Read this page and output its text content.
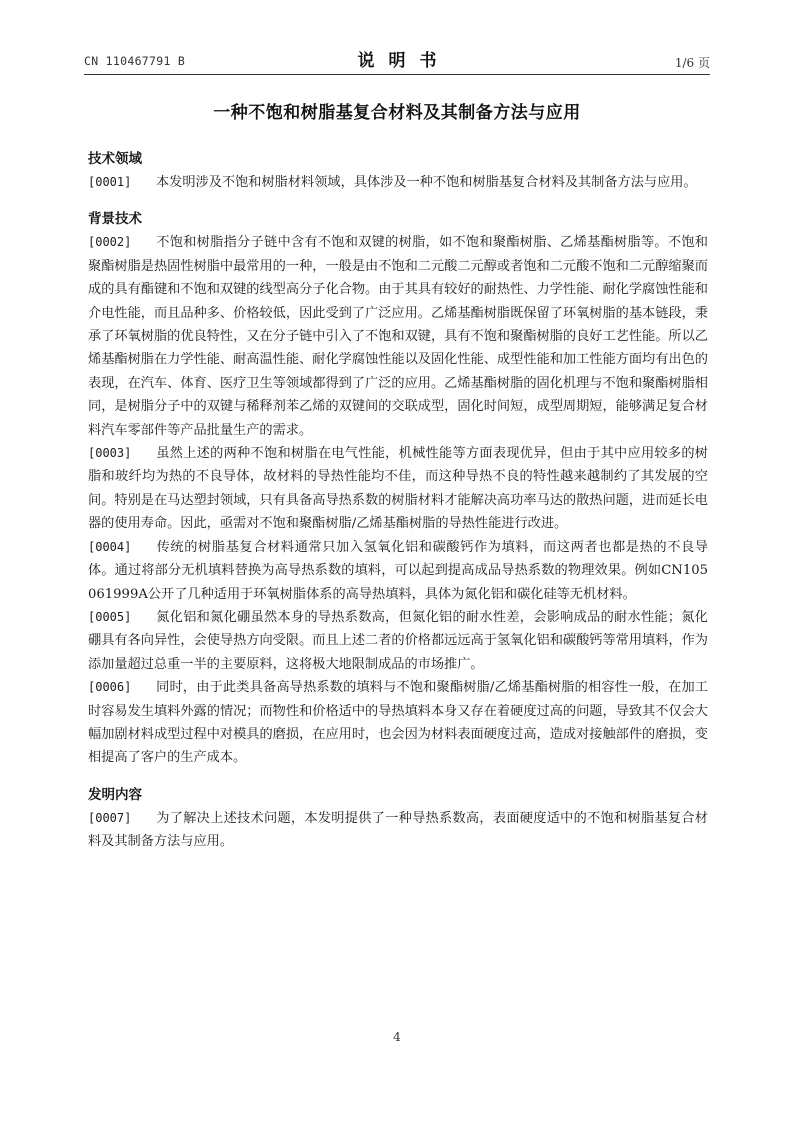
CN 110467791 B	说明书	1/6 页
一种不饱和树脂基复合材料及其制备方法与应用
技术领域
[0001] 本发明涉及不饱和树脂材料领域，具体涉及一种不饱和树脂基复合材料及其制备方法与应用。
背景技术
[0002] 不饱和树脂指分子链中含有不饱和双键的树脂，如不饱和聚酯树脂、乙烯基酯树脂等。不饱和聚酯树脂是热固性树脂中最常用的一种，一般是由不饱和二元酸二元醇或者饱和二元酸不饱和二元醇缩聚而成的具有酯键和不饱和双键的线型高分子化合物。由于其具有较好的耐热性、力学性能、耐化学腐蚀性能和介电性能，而且品种多、价格较低，因此受到了广泛应用。乙烯基酯树脂既保留了环氧树脂的基本链段，秉承了环氧树脂的优良特性，又在分子链中引入了不饱和双键，具有不饱和聚酯树脂的良好工艺性能。所以乙烯基酯树脂在力学性能、耐高温性能、耐化学腐蚀性能以及固化性能、成型性能和加工性能方面均有出色的表现，在汽车、体育、医疗卫生等领域都得到了广泛的应用。乙烯基酯树脂的固化机理与不饱和聚酯树脂相同，是树脂分子中的双键与稀释剂苯乙烯的双键间的交联成型，固化时间短，成型周期短，能够满足复合材料汽车零部件等产品批量生产的需求。
[0003] 虽然上述的两种不饱和树脂在电气性能，机械性能等方面表现优异，但由于其中应用较多的树脂和玻纤均为热的不良导体，故材料的导热性能均不佳，而这种导热不良的特性越来越制约了其发展的空间。特别是在马达塑封领域，只有具备高导热系数的树脂材料才能解决高功率马达的散热问题，进而延长电器的使用寿命。因此，亟需对不饱和聚酯树脂/乙烯基酯树脂的导热性能进行改进。
[0004] 传统的树脂基复合材料通常只加入氢氧化铝和碳酸钙作为填料，而这两者也都是热的不良导体。通过将部分无机填料替换为高导热系数的填料，可以起到提高成品导热系数的物理效果。例如CN105061999A公开了几种适用于环氧树脂体系的高导热填料，具体为氮化铝和碳化硅等无机材料。
[0005] 氮化铝和氮化硼虽然本身的导热系数高，但氮化铝的耐水性差，会影响成品的耐水性能；氮化硼具有各向异性，会使导热方向受限。而且上述二者的价格都远远高于氢氧化铝和碳酸钙等常用填料，作为添加量超过总重一半的主要原料，这将极大地限制成品的市场推广。
[0006] 同时，由于此类具备高导热系数的填料与不饱和聚酯树脂/乙烯基酯树脂的相容性一般，在加工时容易发生填料外露的情况；而物性和价格适中的导热填料本身又存在着硬度过高的问题，导致其不仅会大幅加剧材料成型过程中对模具的磨损，在应用时，也会因为材料表面硬度过高，造成对接触部件的磨损，变相提高了客户的生产成本。
发明内容
[0007] 为了解决上述技术问题，本发明提供了一种导热系数高，表面硬度适中的不饱和树脂基复合材料及其制备方法与应用。
4
